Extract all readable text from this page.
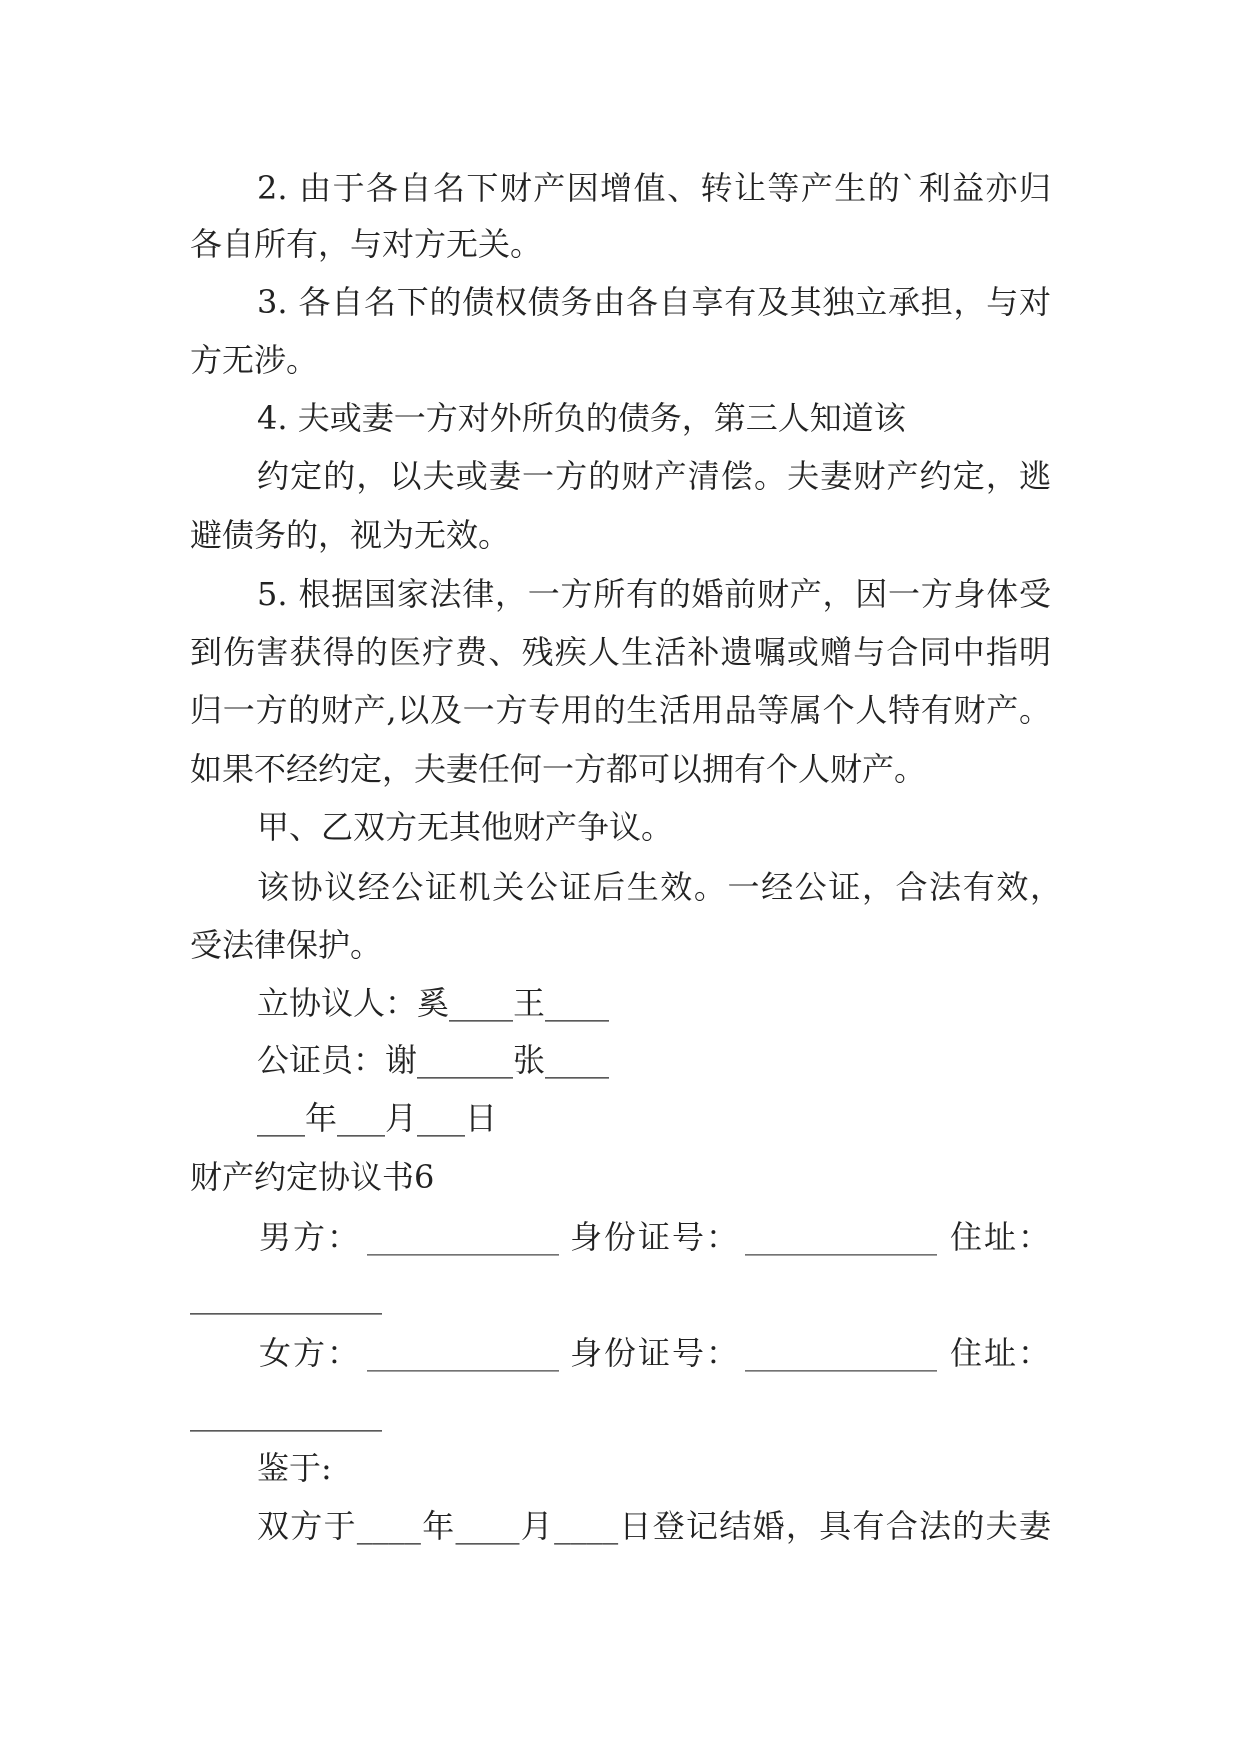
2. 由于各自名下财产因增值、转让等产生的`利益亦归
各自所有，与对方无关。
3. 各自名下的债权债务由各自享有及其独立承担，与对
方无涉。
4. 夫或妻一方对外所负的债务，第三人知道该
约定的，以夫或妻一方的财产清偿。夫妻财产约定，逃
避债务的，视为无效。
5. 根据国家法律，一方所有的婚前财产，因一方身体受
到伤害获得的医疗费、残疾人生活补遗嘱或赠与合同中指明
归一方的财产,以及一方专用的生活用品等属个人特有财产。
如果不经约定，夫妻任何一方都可以拥有个人财产。
甲、乙双方无其他财产争议。
该协议经公证机关公证后生效。一经公证，合法有效，
受法律保护。
立协议人：奚____王____
公证员：谢______张____
___年___月___日
财产约定协议书6
男方： ____________ 身份证号： ____________ 住址：
____________
女方： ____________ 身份证号： ____________ 住址：
____________
鉴于:
双方于____年____月____日登记结婚，具有合法的夫妻
